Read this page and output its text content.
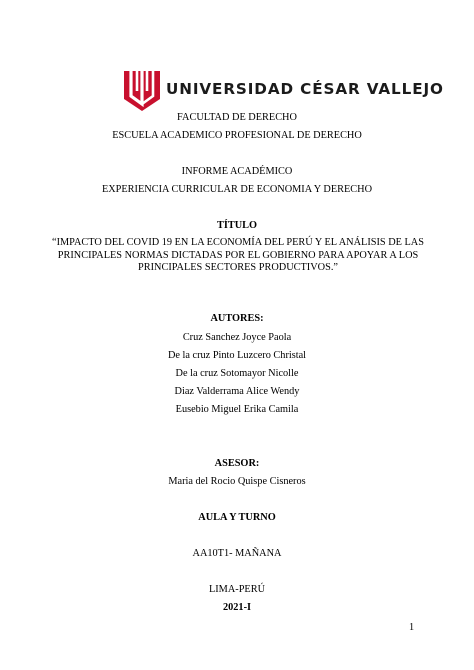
UNIVERSIDAD CÉSAR VALLEJO
FACULTAD DE DERECHO
ESCUELA ACADEMICO PROFESIONAL DE DERECHO
INFORME ACADÉMICO
EXPERIENCIA CURRICULAR DE ECONOMIA Y DERECHO
TÍTULO
“IMPACTO DEL COVID 19 EN LA ECONOMÍA DEL PERÚ Y EL ANÁLISIS DE LAS PRINCIPALES NORMAS DICTADAS POR EL GOBIERNO PARA APOYAR A LOS PRINCIPALES SECTORES PRODUCTIVOS.”
AUTORES:
Cruz Sanchez Joyce Paola
De la cruz Pinto Luzcero Christal
De la cruz Sotomayor Nicolle
Diaz Valderrama Alice Wendy
Eusebio Miguel Erika Camila
ASESOR:
Maria del Rocio Quispe Cisneros
AULA Y TURNO
AA10T1- MAÑANA
LIMA-PERÚ
2021-I
1
